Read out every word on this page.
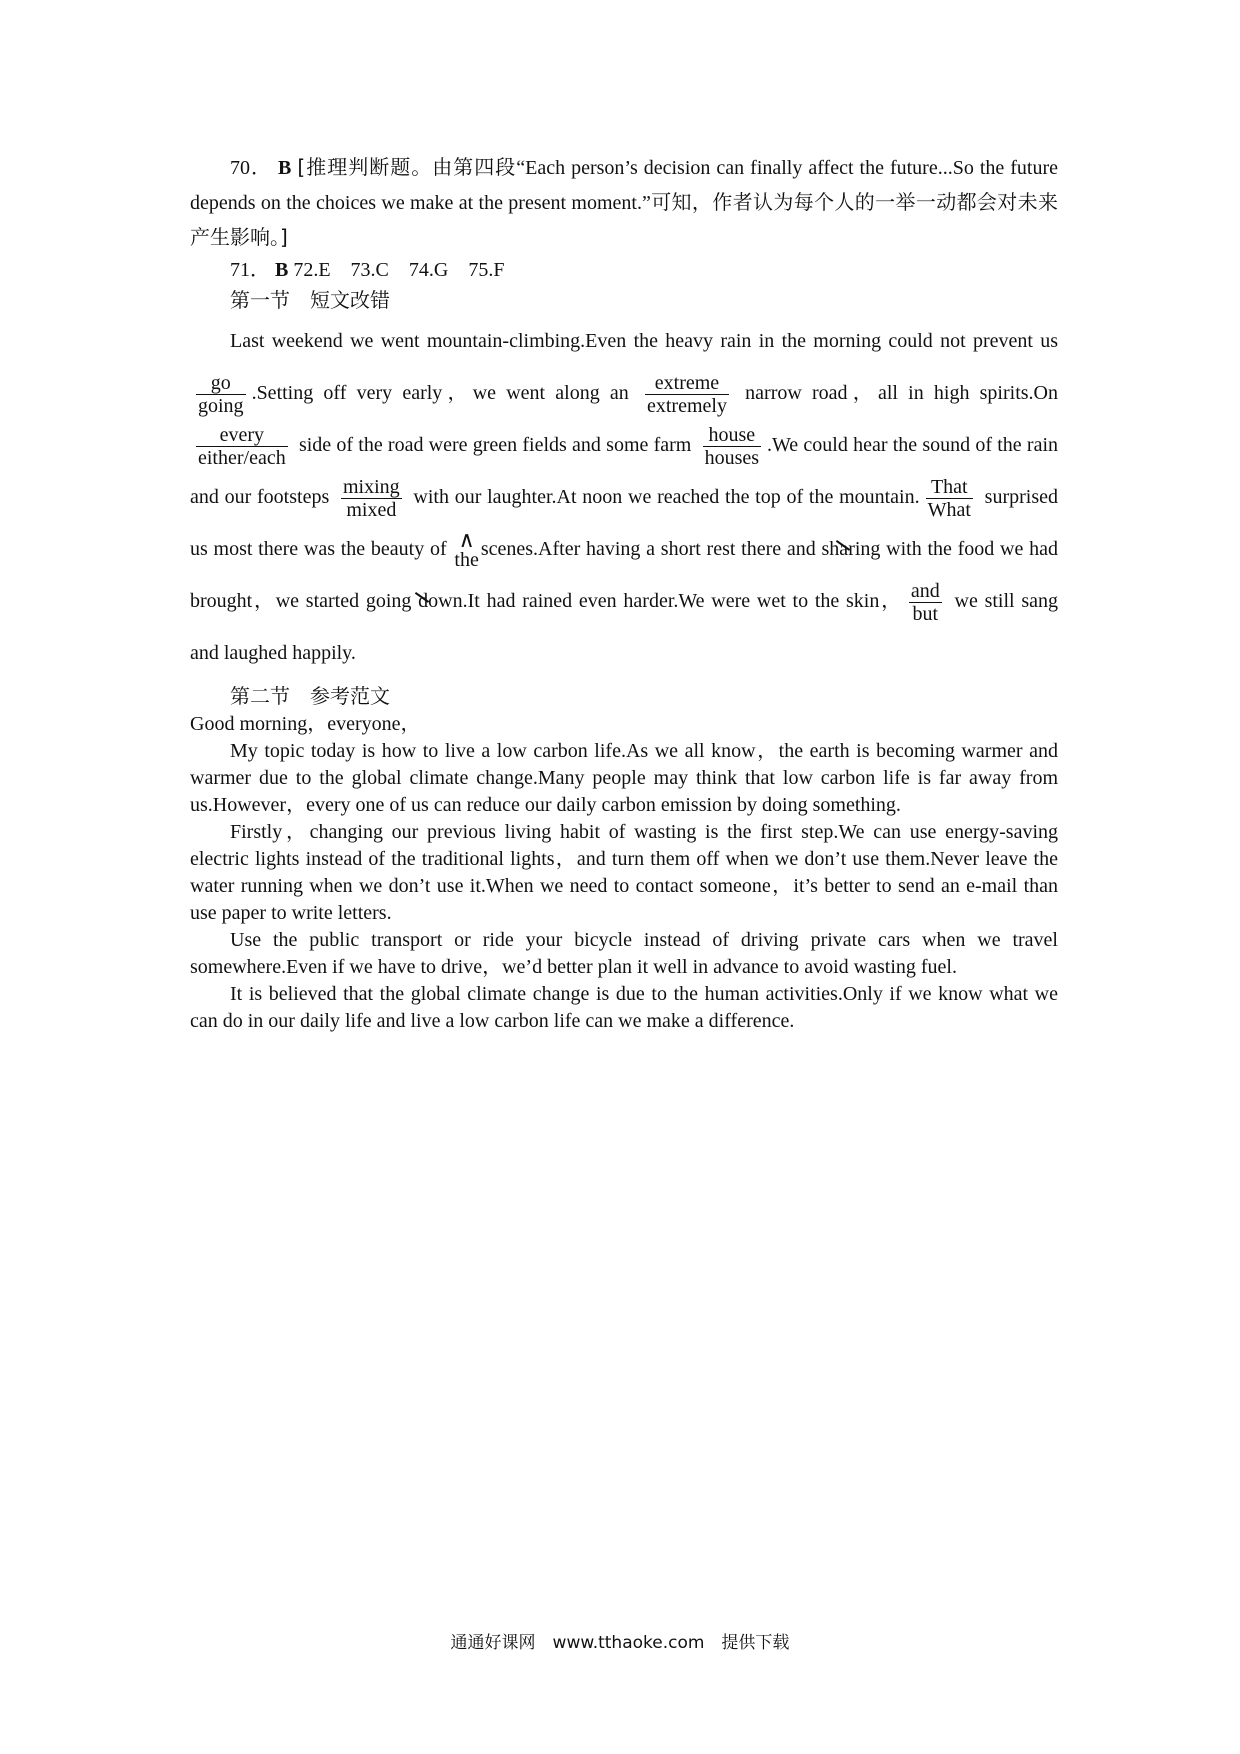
70． B [推理判断题。由第四段“Each person’s decision can finally affect the future...So the future depends on the choices we make at the present moment.”可知，作者认为每个人的一举一动都会对未来产生影响。]

71． B 72.E　73.C　74.G　75.F

第一节　短文改错

Last weekend we went mountain-climbing.Even the heavy rain in the morning could not prevent us
$\frac{go}{\text{going}}$ .Setting off very early，we went along an $\frac{\text{extreme}}{\text{extremely}}$ narrow road，all in high spirits.On
$\frac{\text{every}}{\text{either/each}}$ side of the road were green fields and some farm $\frac{\text{house}}{\text{houses}} .We$ could hear the sound of the rain and our footsteps $\frac{\text{mixing}}{\text{mixed}}$ with our laughter.At noon we reached the top of the mountain. $\frac{\text{That}}{\text{What}}$ surprised us most there was the beauty of ∧
the
scenes.After having a short rest there and sharing with the food we had brought，we started going down.It had rained even harder.We were wet to the skin， $\frac{\text{and}}{\text{but}}$ we still sang and laughed happily.

第二节　参考范文

Good morning，everyone，

My topic today is how to live a low carbon life.As we all know，the earth is becoming warmer and warmer due to the global climate change.Many people may think that low carbon life is far away from us.However，every one of us can reduce our daily carbon emission by doing something.

Firstly，changing our previous living habit of wasting is the first step.We can use energy-saving electric lights instead of the traditional lights，and turn them off when we don’t use them.Never leave the water running when we don’t use it.When we need to contact someone，it’s better to send an e-mail than use paper to write letters.

Use the public transport or ride your bicycle instead of driving private cars when we travel somewhere.Even if we have to drive，we’d better plan it well in advance to avoid wasting fuel.

It is believed that the global climate change is due to the human activities.Only if we know what we can do in our daily life and live a low carbon life can we make a difference.

通通好课网　www.tthaoke.com　提供下载
